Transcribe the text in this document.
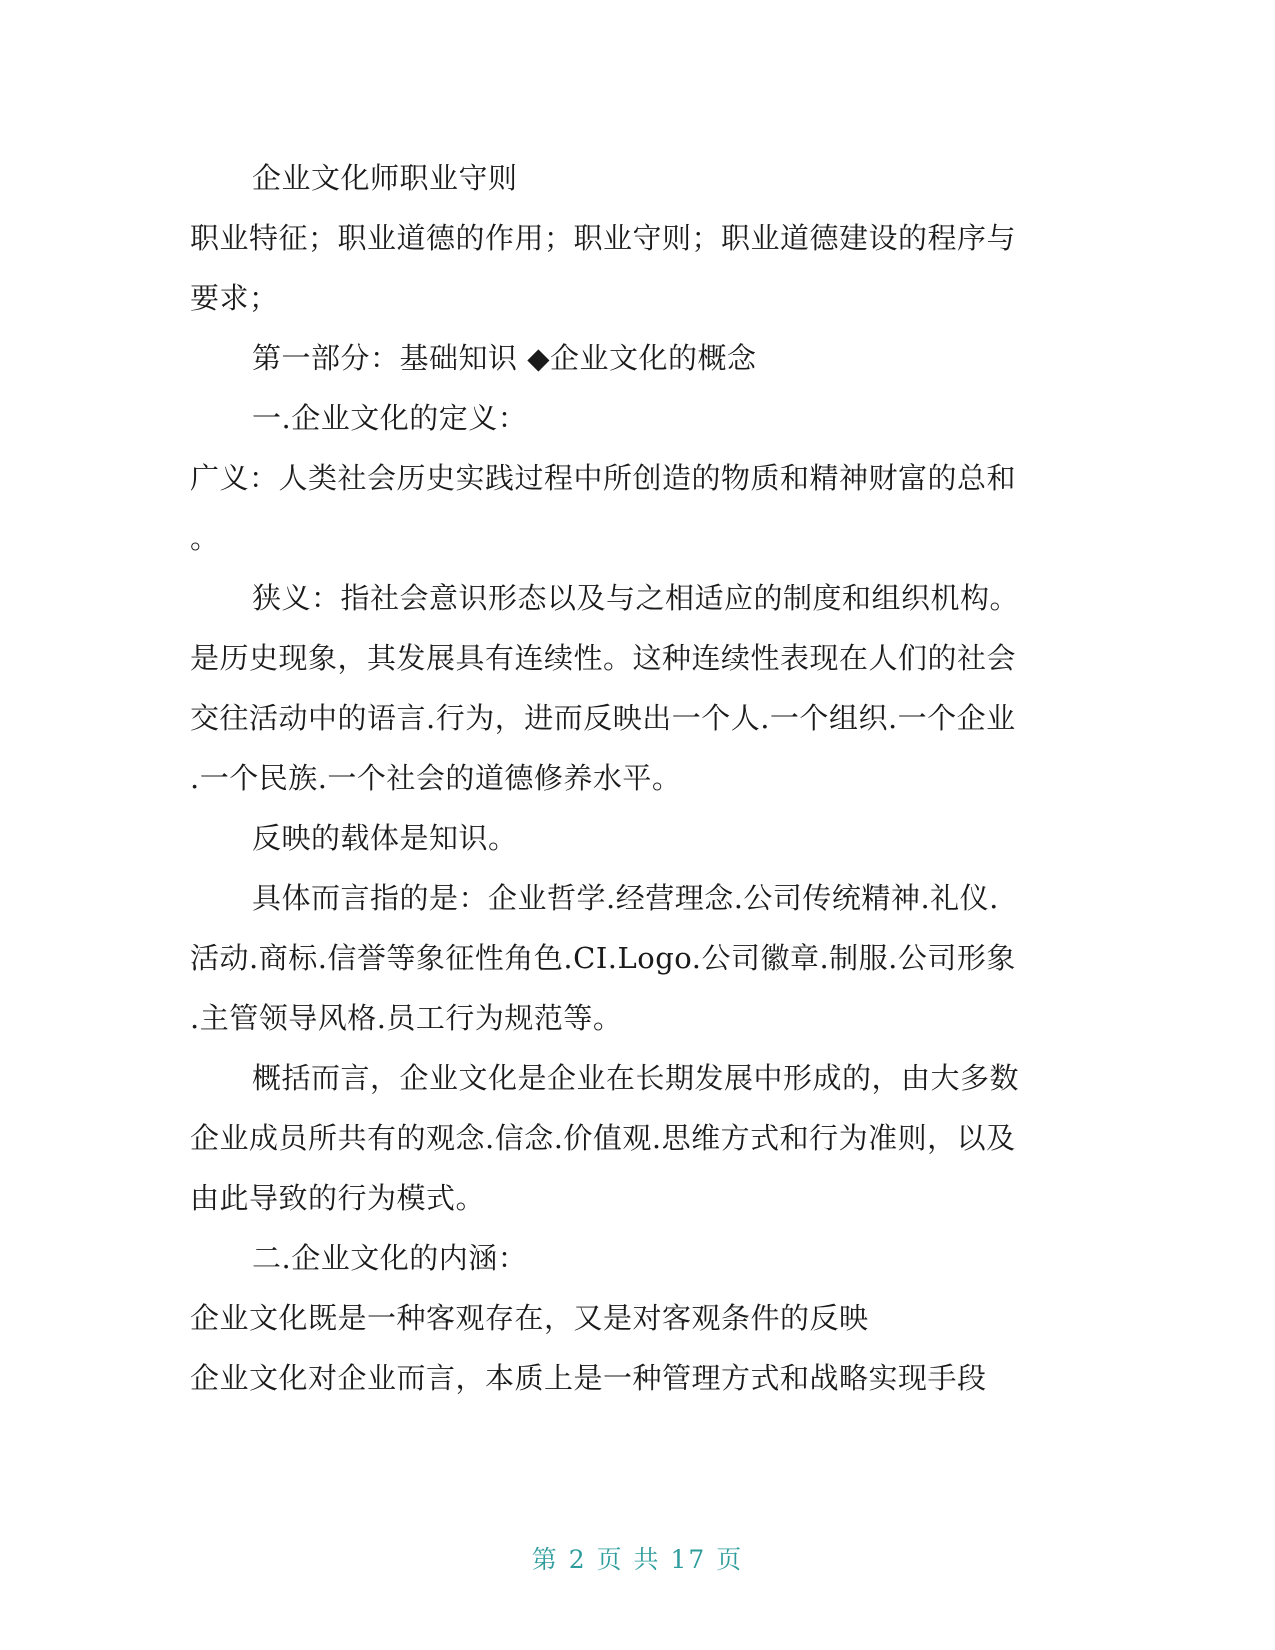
企业文化师职业守则
职业特征；职业道德的作用；职业守则；职业道德建设的程序与
要求；
第一部分：基础知识 ◆企业文化的概念
一.企业文化的定义：
广义：人类社会历史实践过程中所创造的物质和精神财富的总和
。
狭义：指社会意识形态以及与之相适应的制度和组织机构。
是历史现象，其发展具有连续性。这种连续性表现在人们的社会
交往活动中的语言.行为，进而反映出一个人.一个组织.一个企业
.一个民族.一个社会的道德修养水平。
反映的载体是知识。
具体而言指的是：企业哲学.经营理念.公司传统精神.礼仪.
活动.商标.信誉等象征性角色.CI.Logo.公司徽章.制服.公司形象
.主管领导风格.员工行为规范等。
概括而言，企业文化是企业在长期发展中形成的，由大多数
企业成员所共有的观念.信念.价值观.思维方式和行为准则，以及
由此导致的行为模式。
二.企业文化的内涵：
企业文化既是一种客观存在，又是对客观条件的反映
企业文化对企业而言，本质上是一种管理方式和战略实现手段
第 2 页 共 17 页
